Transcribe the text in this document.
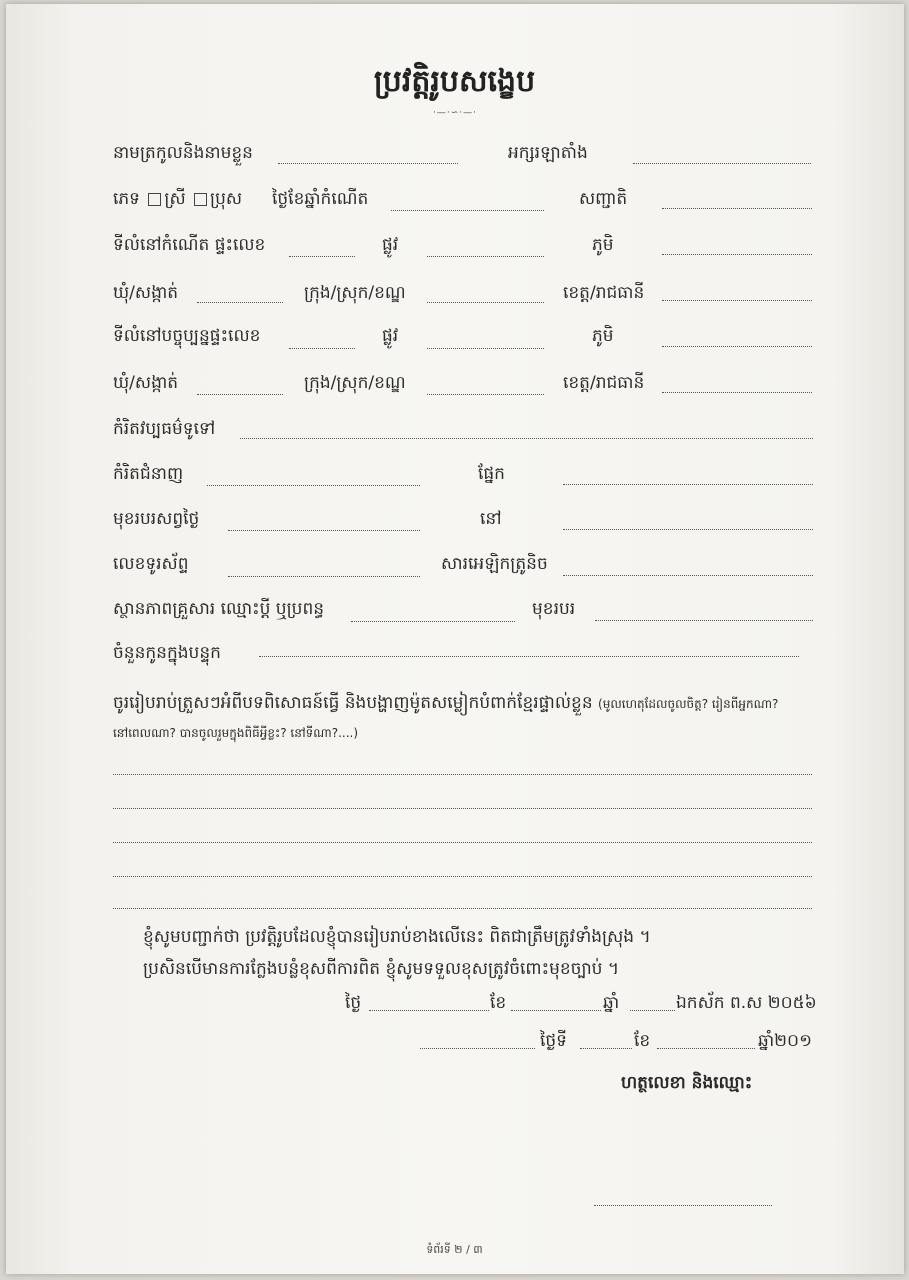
ប្រវត្តិរូបសង្ខេប
·—·∽·—·
នាមត្រកូលនិងនាមខ្លួន	អក្សរឡាតាំង
ភេទ ស្រី ប្រុស ថ្ងៃខែឆ្នាំកំណើត	សញ្ជាតិ
ទីលំនៅកំណើត ផ្ទះលេខ	ផ្លូវ	ភូមិ
ឃុំ/សង្កាត់	ក្រុង/ស្រុក/ខណ្ឌ	ខេត្ត/រាជធានី
ទីលំនៅបច្ចុប្បន្នផ្ទះលេខ	ផ្លូវ	ភូមិ
ឃុំ/សង្កាត់	ក្រុង/ស្រុក/ខណ្ឌ	ខេត្ត/រាជធានី
កំរិតវប្បធម៌ទូទៅ
កំរិតជំនាញ	ផ្នែក
មុខរបរសព្វថ្ងៃ	នៅ
លេខទូរស័ព្ទ	សារអេឡិកត្រូនិច
ស្ថានភាពគ្រួសារ ឈ្មោះប្តី ឬប្រពន្ធ	មុខរបរ
ចំនួនកូនក្នុងបន្ទុក
ចូររៀបរាប់ត្រួសៗអំពីបទពិសោធន៍ធ្វើ និងបង្ហាញម៉ូតសម្លៀកបំពាក់ខ្មែរផ្ទាល់ខ្លួន (មូលហេតុដែលចូលចិត្ត? រៀនពីអ្នកណា?
នៅពេលណា? បានចូលរួមក្នុងពិធីអ្វីខ្លះ? នៅទីណា?....)
ខ្ញុំសូមបញ្ជាក់ថា ប្រវត្តិរូបដែលខ្ញុំបានរៀបរាប់ខាងលើនេះ ពិតជាត្រឹមត្រូវទាំងស្រុង ។
ប្រសិនបើមានការក្លែងបន្លំខុសពីការពិត ខ្ញុំសូមទទួលខុសត្រូវចំពោះមុខច្បាប់ ។
ថ្ងៃ	ខែ	ឆ្នាំ	ឯកស័ក ព.ស ២០៥៦
ថ្ងៃទី	ខែ	ឆ្នាំ២០១
ហត្ថលេខា និងឈ្មោះ
ទំព័រទី ២ / ៣
